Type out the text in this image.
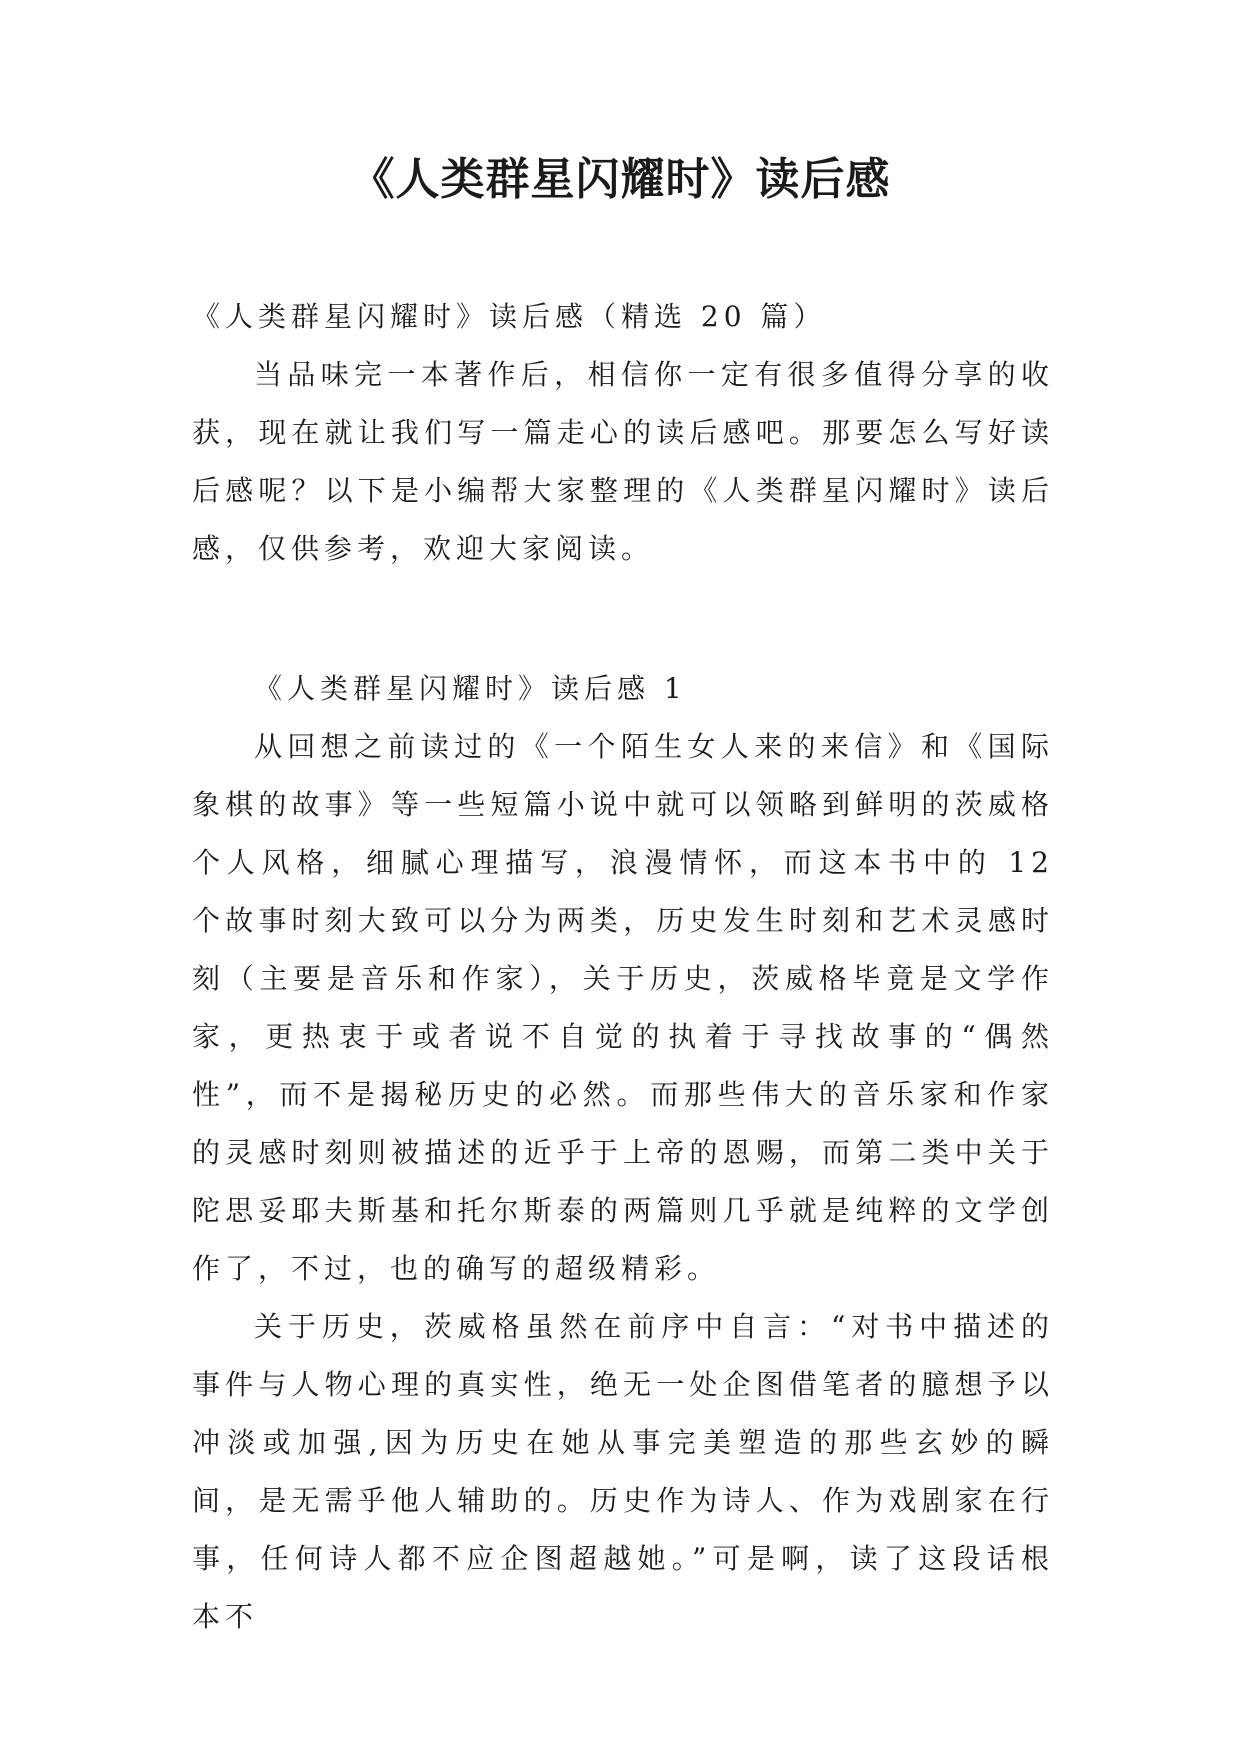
《人类群星闪耀时》读后感

《人类群星闪耀时》读后感（精选 20 篇）

当品味完一本著作后，相信你一定有很多值得分享的收获，现在就让我们写一篇走心的读后感吧。那要怎么写好读后感呢？以下是小编帮大家整理的《人类群星闪耀时》读后感，仅供参考，欢迎大家阅读。

《人类群星闪耀时》读后感 1

从回想之前读过的《一个陌生女人来的来信》和《国际象棋的故事》等一些短篇小说中就可以领略到鲜明的茨威格个人风格，细腻心理描写，浪漫情怀，而这本书中的 12 个故事时刻大致可以分为两类，历史发生时刻和艺术灵感时刻（主要是音乐和作家），关于历史，茨威格毕竟是文学作家，更热衷于或者说不自觉的执着于寻找故事的“偶然性”，而不是揭秘历史的必然。而那些伟大的音乐家和作家的灵感时刻则被描述的近乎于上帝的恩赐，而第二类中关于陀思妥耶夫斯基和托尔斯泰的两篇则几乎就是纯粹的文学创作了，不过，也的确写的超级精彩。

关于历史，茨威格虽然在前序中自言：“对书中描述的事件与人物心理的真实性，绝无一处企图借笔者的臆想予以冲淡或加强,因为历史在她从事完美塑造的那些玄妙的瞬间，是无需乎他人辅助的。历史作为诗人、作为戏剧家在行事，任何诗人都不应企图超越她。”可是啊，读了这段话根本不
